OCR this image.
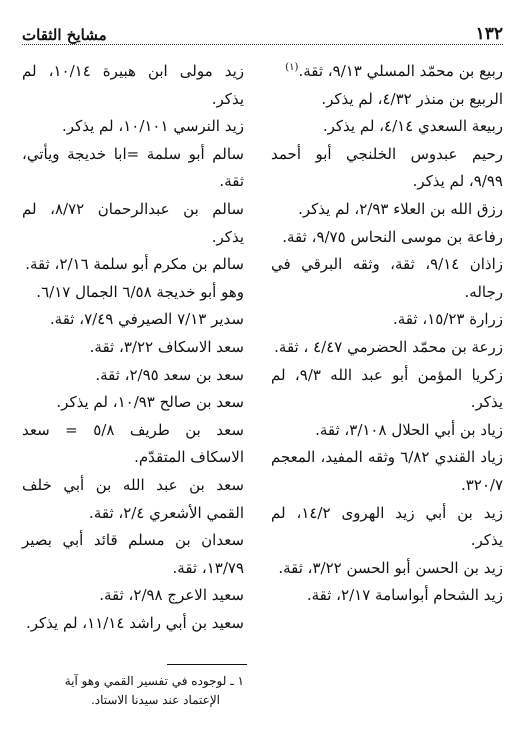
١٣٢
مشايخ الثقات

ربيع بن محمّد المسلي ٩/١٣، ثقة.$^{(١)}$

الربيع بن منذر ٤/٣٢، لم يذكر.

ربيعة السعدي ٤/١٤، لم يذكر.

رحيم عبدوس الخلنجي أبو أحمد ٩/٩٩، لم يذكر.

رزق الله بن العلاء ٢/٩٣، لم يذكر.

رفاعة بن موسى النحاس ٩/٧٥، ثقة.

زاذان ٩/١٤، ثقة، وثقه البرقي في رجاله.

زرارة ١٥/٢٣، ثقة.

زرعة بن محمّد الحضرمي ٤/٤٧ ، ثقة.

زكريا المؤمن أبو عبد الله ٩/٣، لم يذكر.

زياد بن أبي الحلال ٣/١٠٨، ثقة.

زياد القندي ٦/٨٢ وثقه المفيد، المعجم ٣٢٠/٧.

زيد بن أبي زيد الهروى ١٤/٢، لم يذكر.

زيد بن الحسن أبو الحسن ٣/٢٢، ثقة.

زيد الشحام أبواسامة ٢/١٧، ثقة.

زيد مولى ابن هبيرة ١٠/١٤، لم يذكر.

زيد النرسي ١٠/١٠١، لم يذكر.

سالم أبو سلمة =ابا خديجة ويأتي، ثقة.

سالم بن عبدالرحمان ٨/٧٢، لم يذكر.

سالم بن مكرم أبو سلمة ٢/١٦، ثقة.

وهو أبو خديجة ٦/٥٨ الجمال ٦/١٧.

سدير ٧/١٣ الصيرفي ٧/٤٩، ثقة.

سعد الاسكاف ٣/٢٢، ثقة.

سعد بن سعد ٢/٩٥، ثقة.

سعد بن صالح ١٠/٩٣، لم يذكر.

سعد بن طريف ٥/٨ = سعد الاسكاف المتقدّم.

سعد بن عبد الله بن أبي خلف القمي الأشعري ٢/٤، ثقة.

سعدان بن مسلم قائد أبي بصير ١٣/٧٩، ثقة.

سعيد الاعرج ٢/٩٨، ثقة.

سعيد بن أبي راشد ١١/١٤، لم يذكر.

١ ـ لوجوده في تفسير القمي وهو آية
الإعتماد عند سيدنا الاستاد.
